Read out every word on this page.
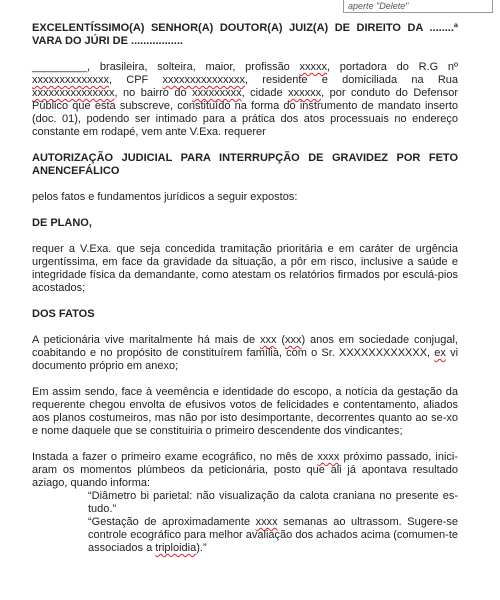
aperte "Delete"

EXCELENTÍSSIMO(A) SENHOR(A) DOUTOR(A) JUIZ(A) DE DIREITO DA ........ª VARA DO JÚRI DE .................

_________, brasileira, solteira, maior, profissão xxxxx, portadora do R.G nº xxxxxxxxxxxxxx, CPF xxxxxxxxxxxxxxx, residente e domiciliada na Rua xxxxxxxxxxxxxxx, no bairro do xxxxxxxxx, cidade xxxxxx, por conduto do Defensor Público que esta subscreve, constituído na forma do instrumento de mandato inserto (doc. 01), podendo ser intimado para a prática dos atos processuais no endereço constante em rodapé, vem ante V.Exa. requerer

AUTORIZAÇÃO JUDICIAL PARA INTERRUPÇÃO DE GRAVIDEZ POR FETO ANENCEFÁLICO

pelos fatos e fundamentos jurídicos a seguir expostos:

DE PLANO,

requer a V.Exa. que seja concedida tramitação prioritária e em caráter de urgência urgentíssima, em face da gravidade da situação, a pôr em risco, inclusive a saúde e integridade física da demandante, como atestam os relatórios firmados por esculá-pios acostados;

DOS FATOS

A peticionária vive maritalmente há mais de xxx (xxx) anos em sociedade conjugal, coabitando e no propósito de constituírem família, com o Sr. XXXXXXXXXXXX, ex vi documento próprio em anexo;

Em assim sendo, face à veemência e identidade do escopo, a notícia da gestação da requerente chegou envolta de efusivos votos de felicidades e contentamento, aliados aos planos costumeiros, mas não por isto desimportante, decorrentes quanto ao se-xo e nome daquele que se constituiria o primeiro descendente dos vindicantes;

Instada a fazer o primeiro exame ecográfico, no mês de xxxx próximo passado, inici-aram os momentos plúmbeos da peticionária, posto que ali já apontava resultado aziago, quando informa:

“Diâmetro bi parietal: não visualização da calota craniana no presente es-tudo.”

“Gestação de aproximadamente xxxx semanas ao ultrassom. Sugere-se controle ecográfico para melhor avaliação dos achados acima (comumen-te associados a triploidia).”
